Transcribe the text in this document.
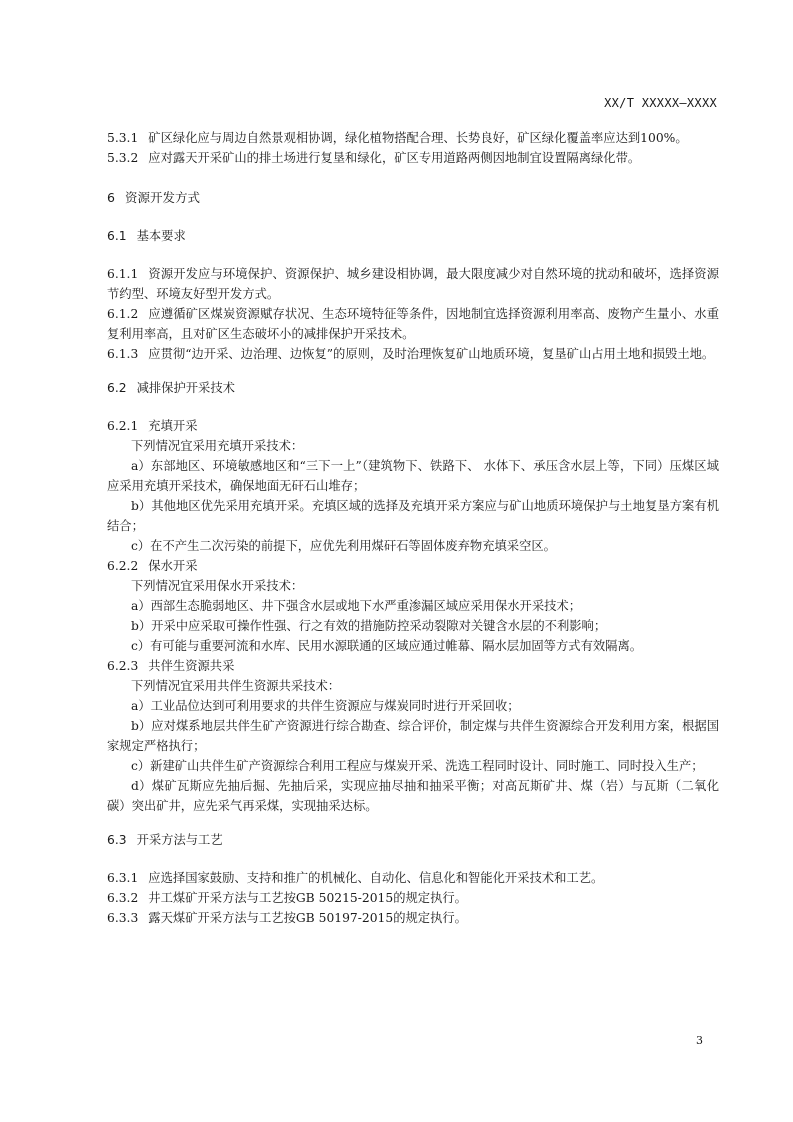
XX/T XXXXX—XXXX

5.3.1 矿区绿化应与周边自然景观相协调，绿化植物搭配合理、长势良好，矿区绿化覆盖率应达到100%。

5.3.2 应对露天开采矿山的排土场进行复垦和绿化，矿区专用道路两侧因地制宜设置隔离绿化带。

6 资源开发方式

6.1 基本要求

6.1.1 资源开发应与环境保护、资源保护、城乡建设相协调，最大限度减少对自然环境的扰动和破坏，选择资源节约型、环境友好型开发方式。

6.1.2 应遵循矿区煤炭资源赋存状况、生态环境特征等条件，因地制宜选择资源利用率高、废物产生量小、水重复利用率高，且对矿区生态破坏小的减排保护开采技术。

6.1.3 应贯彻“边开采、边治理、边恢复”的原则，及时治理恢复矿山地质环境，复垦矿山占用土地和损毁土地。

6.2 减排保护开采技术

6.2.1 充填开采

下列情况宜采用充填开采技术：

a）东部地区、环境敏感地区和“三下一上”（建筑物下、铁路下、 水体下、承压含水层上等，下同）压煤区域应采用充填开采技术，确保地面无矸石山堆存；

b）其他地区优先采用充填开采。充填区域的选择及充填开采方案应与矿山地质环境保护与土地复垦方案有机结合；

c）在不产生二次污染的前提下，应优先利用煤矸石等固体废弃物充填采空区。

6.2.2 保水开采

下列情况宜采用保水开采技术：

a）西部生态脆弱地区、井下强含水层或地下水严重渗漏区域应采用保水开采技术；

b）开采中应采取可操作性强、行之有效的措施防控采动裂隙对关键含水层的不利影响；

c）有可能与重要河流和水库、民用水源联通的区域应通过帷幕、隔水层加固等方式有效隔离。

6.2.3 共伴生资源共采

下列情况宜采用共伴生资源共采技术：

a）工业品位达到可利用要求的共伴生资源应与煤炭同时进行开采回收；

b）应对煤系地层共伴生矿产资源进行综合勘查、综合评价，制定煤与共伴生资源综合开发利用方案，根据国家规定严格执行；

c）新建矿山共伴生矿产资源综合利用工程应与煤炭开采、洗选工程同时设计、同时施工、同时投入生产；

d）煤矿瓦斯应先抽后掘、先抽后采，实现应抽尽抽和抽采平衡；对高瓦斯矿井、煤（岩）与瓦斯（二氧化碳）突出矿井，应先采气再采煤，实现抽采达标。

6.3 开采方法与工艺

6.3.1 应选择国家鼓励、支持和推广的机械化、自动化、信息化和智能化开采技术和工艺。

6.3.2 井工煤矿开采方法与工艺按GB 50215-2015的规定执行。

6.3.3 露天煤矿开采方法与工艺按GB 50197-2015的规定执行。

3
